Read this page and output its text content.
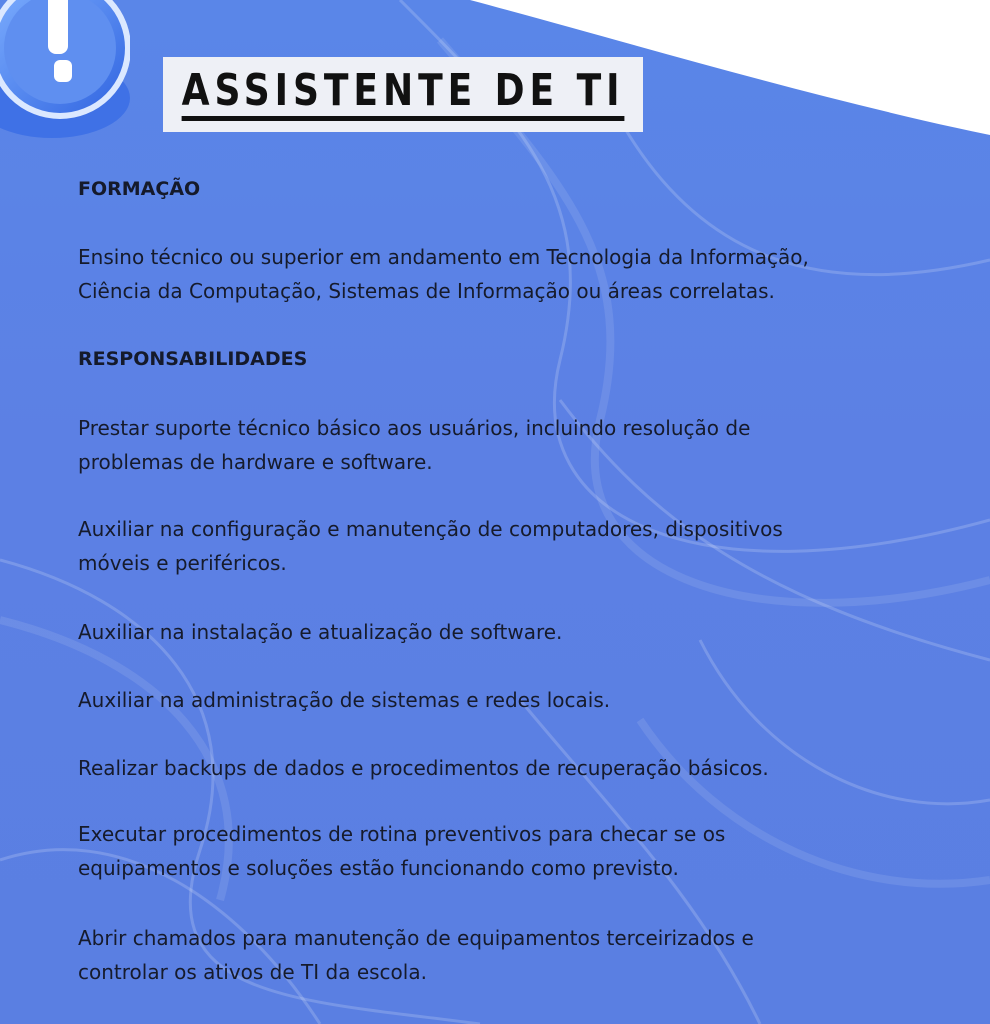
ASSISTENTE DE TI
FORMAÇÃO
Ensino técnico ou superior em andamento em Tecnologia da Informação,
Ciência da Computação, Sistemas de Informação ou áreas correlatas.
RESPONSABILIDADES
Prestar suporte técnico básico aos usuários, incluindo resolução de
problemas de hardware e software.
Auxiliar na configuração e manutenção de computadores, dispositivos
móveis e periféricos.
Auxiliar na instalação e atualização de software.
Auxiliar na administração de sistemas e redes locais.
Realizar backups de dados e procedimentos de recuperação básicos.
Executar procedimentos de rotina preventivos para checar se os
equipamentos e soluções estão funcionando como previsto.
Abrir chamados para manutenção de equipamentos terceirizados e
controlar os ativos de TI da escola.
